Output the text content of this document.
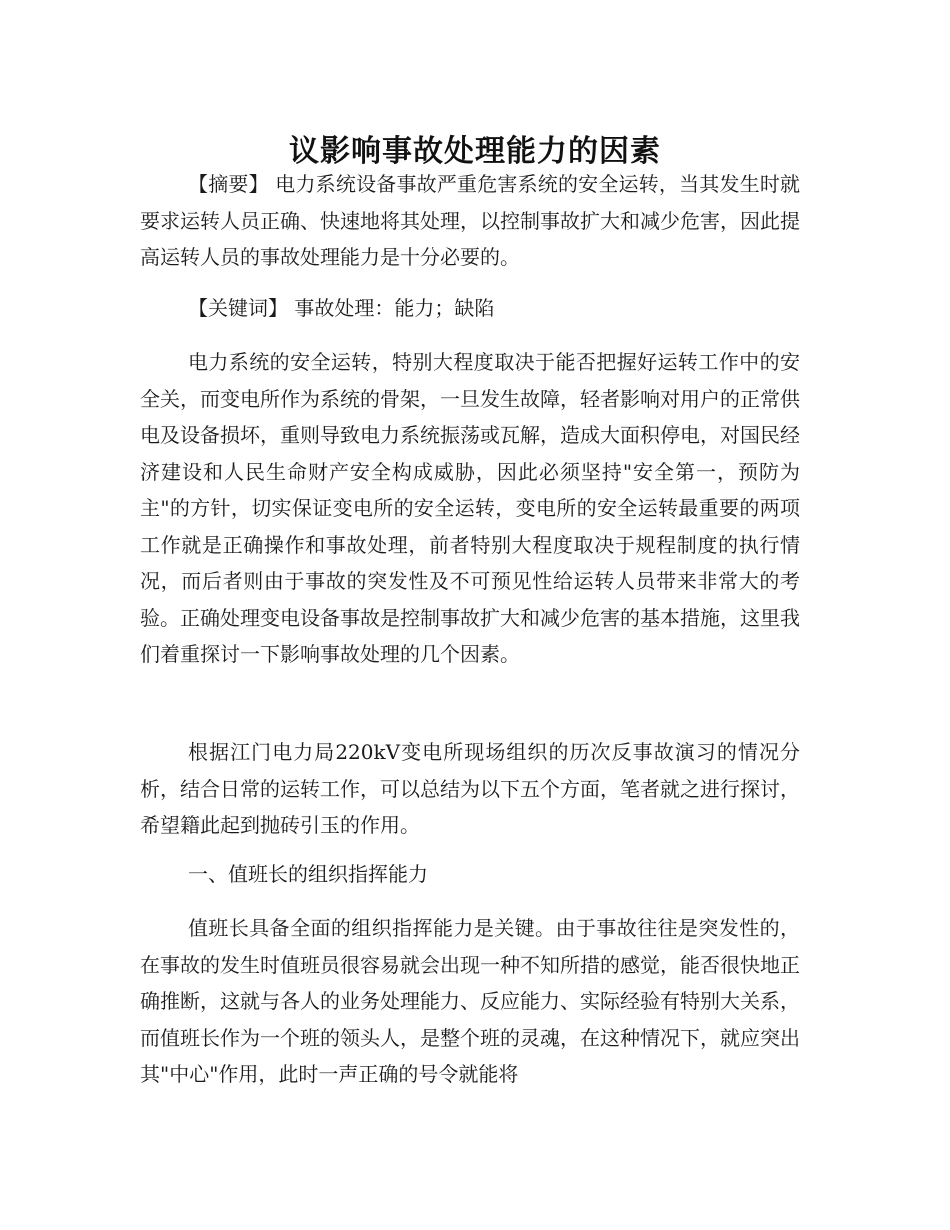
议影响事故处理能力的因素

【摘要】 电力系统设备事故严重危害系统的安全运转，当其发生时就要求运转人员正确、快速地将其处理，以控制事故扩大和减少危害，因此提高运转人员的事故处理能力是十分必要的。

【关键词】 事故处理：能力；缺陷

电力系统的安全运转，特别大程度取决于能否把握好运转工作中的安全关，而变电所作为系统的骨架，一旦发生故障，轻者影响对用户的正常供电及设备损坏，重则导致电力系统振荡或瓦解，造成大面积停电，对国民经济建设和人民生命财产安全构成威胁，因此必须坚持"安全第一，预防为主"的方针，切实保证变电所的安全运转，变电所的安全运转最重要的两项工作就是正确操作和事故处理，前者特别大程度取决于规程制度的执行情况，而后者则由于事故的突发性及不可预见性给运转人员带来非常大的考验。正确处理变电设备事故是控制事故扩大和减少危害的基本措施，这里我们着重探讨一下影响事故处理的几个因素。

根据江门电力局220kV变电所现场组织的历次反事故演习的情况分析，结合日常的运转工作，可以总结为以下五个方面，笔者就之进行探讨，希望籍此起到抛砖引玉的作用。

一、值班长的组织指挥能力

值班长具备全面的组织指挥能力是关键。由于事故往往是突发性的，在事故的发生时值班员很容易就会出现一种不知所措的感觉，能否很快地正确推断，这就与各人的业务处理能力、反应能力、实际经验有特别大关系，而值班长作为一个班的领头人，是整个班的灵魂，在这种情况下，就应突出其"中心"作用，此时一声正确的号令就能将
